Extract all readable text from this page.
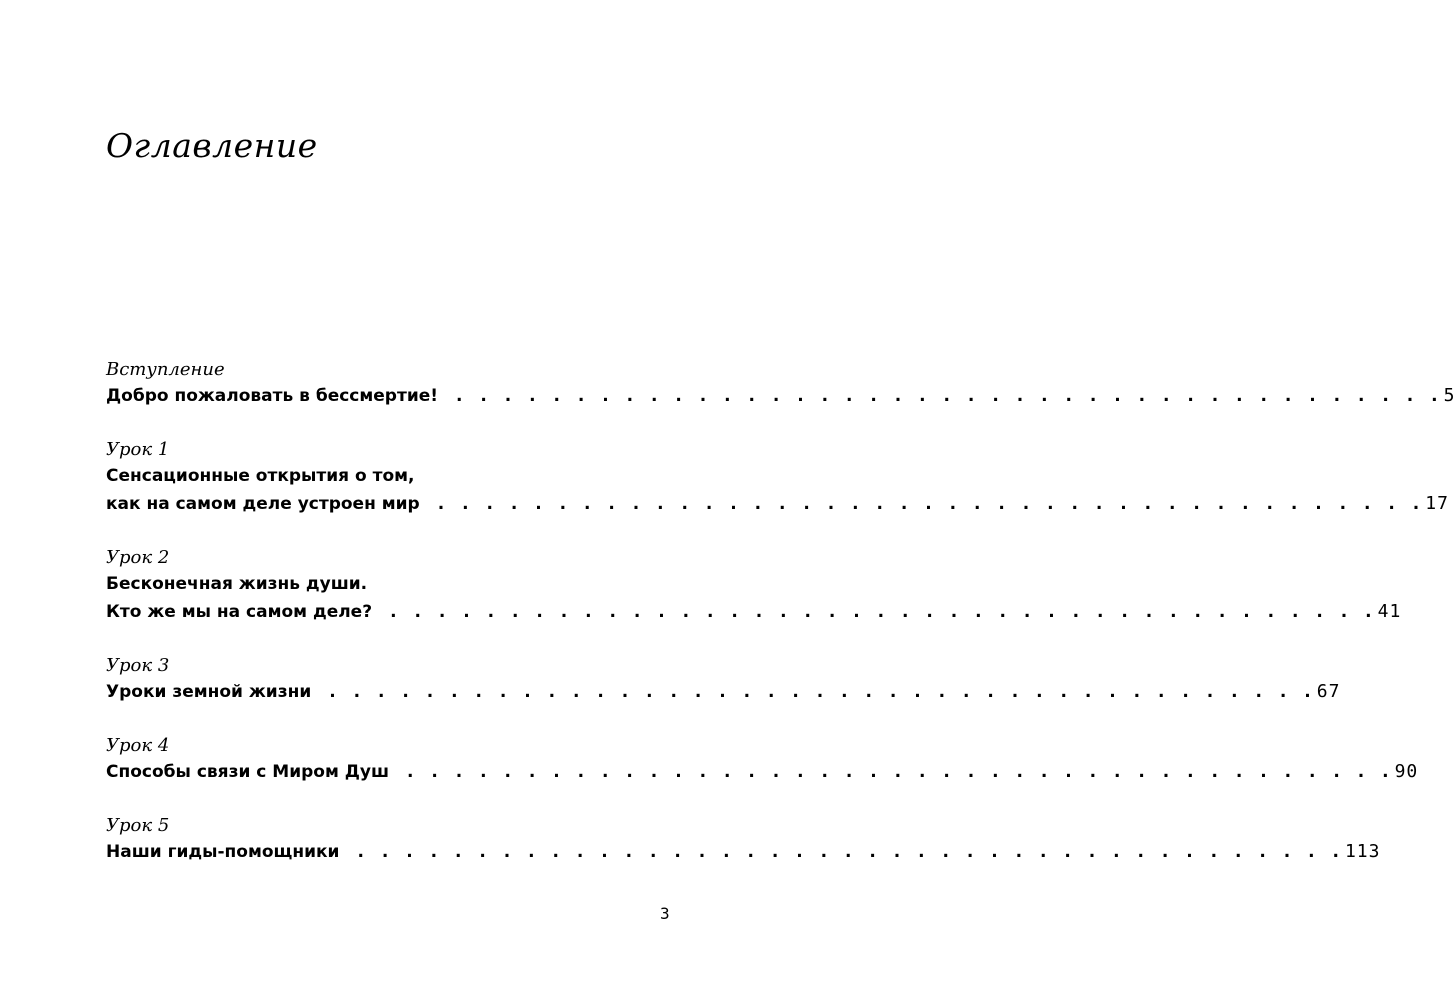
Оглавление
Вступление
Добро пожаловать в бессмертие!	. . . . . . . . . . . . . . . . . . . . . . . . . . . . . . . . . . . . . . . . . 5
Урок 1
Сенсационные открытия о том,
как на самом деле устроен мир	. . . . . . . . . . . . . . . . . . . . . . . . . . . . . . . . . . . . . . . . . 17
Урок 2
Бесконечная жизнь души.
Кто же мы на самом деле?	. . . . . . . . . . . . . . . . . . . . . . . . . . . . . . . . . . . . . . . . . 41
Урок 3
Уроки земной жизни	. . . . . . . . . . . . . . . . . . . . . . . . . . . . . . . . . . . . . . . . . 67
Урок 4
Способы связи с Миром Душ	. . . . . . . . . . . . . . . . . . . . . . . . . . . . . . . . . . . . . . . . . 90
Урок 5
Наши гиды-помощники	. . . . . . . . . . . . . . . . . . . . . . . . . . . . . . . . . . . . . . . . . 113
3
